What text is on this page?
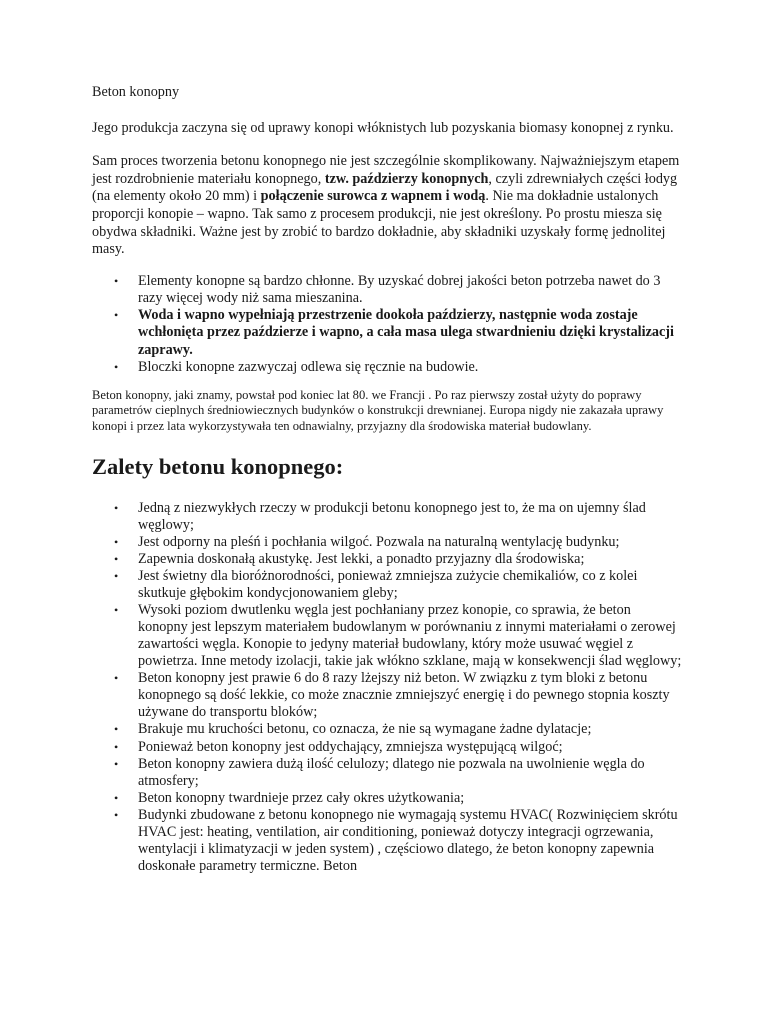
Beton konopny

Jego produkcja zaczyna się od uprawy konopi włóknistych lub pozyskania biomasy konopnej z rynku.

Sam proces tworzenia betonu konopnego nie jest szczególnie skomplikowany. Najważniejszym etapem jest rozdrobnienie materiału konopnego, tzw. paździerzy konopnych, czyli zdrewniałych części łodyg (na elementy około 20 mm) i połączenie surowca z wapnem i wodą. Nie ma dokładnie ustalonych proporcji konopie – wapno. Tak samo z procesem produkcji, nie jest określony. Po prostu miesza się obydwa składniki. Ważne jest by zrobić to bardzo dokładnie, aby składniki uzyskały formę jednolitej masy.

• Elementy konopne są bardzo chłonne. By uzyskać dobrej jakości beton potrzeba nawet do 3 razy więcej wody niż sama mieszanina.
• Woda i wapno wypełniają przestrzenie dookoła paździerzy, następnie woda zostaje wchłonięta przez paździerze i wapno, a cała masa ulega stwardnieniu dzięki krystalizacji zaprawy.
• Bloczki konopne zazwyczaj odlewa się ręcznie na budowie.

Beton konopny, jaki znamy, powstał pod koniec lat 80. we Francji . Po raz pierwszy został użyty do poprawy parametrów cieplnych średniowiecznych budynków o konstrukcji drewnianej. Europa nigdy nie zakazała uprawy konopi i przez lata wykorzystywała ten odnawialny, przyjazny dla środowiska materiał budowlany.

Zalety betonu konopnego:
• Jedną z niezwykłych rzeczy w produkcji betonu konopnego jest to, że ma on ujemny ślad węglowy;
• Jest odporny na pleśń i pochłania wilgoć. Pozwala na naturalną wentylację budynku;
• Zapewnia doskonałą akustykę. Jest lekki, a ponadto przyjazny dla środowiska;
• Jest świetny dla bioróżnorodności, ponieważ zmniejsza zużycie chemikaliów, co z kolei skutkuje głębokim kondycjonowaniem gleby;
• Wysoki poziom dwutlenku węgla jest pochłaniany przez konopie, co sprawia, że beton konopny jest lepszym materiałem budowlanym w porównaniu z innymi materiałami o zerowej zawartości węgla. Konopie to jedyny materiał budowlany, który może usuwać węgiel z powietrza. Inne metody izolacji, takie jak włókno szklane, mają w konsekwencji ślad węglowy;
• Beton konopny jest prawie 6 do 8 razy lżejszy niż beton. W związku z tym bloki z betonu konopnego są dość lekkie, co może znacznie zmniejszyć energię i do pewnego stopnia koszty używane do transportu bloków;
• Brakuje mu kruchości betonu, co oznacza, że nie są wymagane żadne dylatacje;
• Ponieważ beton konopny jest oddychający, zmniejsza występującą wilgoć;
• Beton konopny zawiera dużą ilość celulozy; dlatego nie pozwala na uwolnienie węgla do atmosfery;
• Beton konopny twardnieje przez cały okres użytkowania;
• Budynki zbudowane z betonu konopnego nie wymagają systemu HVAC( Rozwinięciem skrótu HVAC jest: heating, ventilation, air conditioning, ponieważ dotyczy integracji ogrzewania, wentylacji i klimatyzacji w jeden system) , częściowo dlatego, że beton konopny zapewnia doskonałe parametry termiczne. Beton
